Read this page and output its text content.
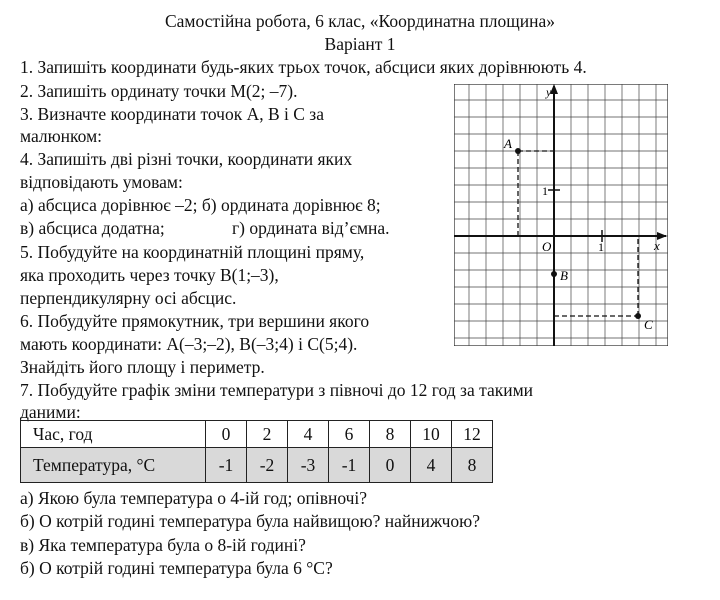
Самостійна робота, 6 клас, «Координатна площина»
Варіант 1
1. Запишіть координати будь-яких трьох точок, абсциси яких дорівнюють 4.
2. Запишіть ординату точки M(2; –7).
3. Визначте координати точок A, B і C за
малюнком:
4. Запишіть дві різні точки, координати яких
відповідають умовам:
а) абсциса дорівнює –2; б) ордината дорівнює 8;
в) абсциса додатна;	г) ордината від’ємна.
5. Побудуйте на координатній площині пряму,
яка проходить через точку B(1;–3),
перпендикулярну осі абсцис.
6. Побудуйте прямокутник, три вершини якого
мають координати: A(–3;–2), B(–3;4) і C(5;4).
Знайдіть його площу і периметр.
7. Побудуйте графік зміни температури з півночі до 12 год за такими
даними:
y
x
O
1
1
A
B
C
Час, год	0	2	4	6	8	10	12
Температура, °C	-1	-2	-3	-1	0	4	8
а) Якою була температура о 4-ій год; опівночі?
б) О котрій годині температура була найвищою? найнижчою?
в) Яка температура була о 8-ій годині?
б) О котрій годині температура була 6 °C?
